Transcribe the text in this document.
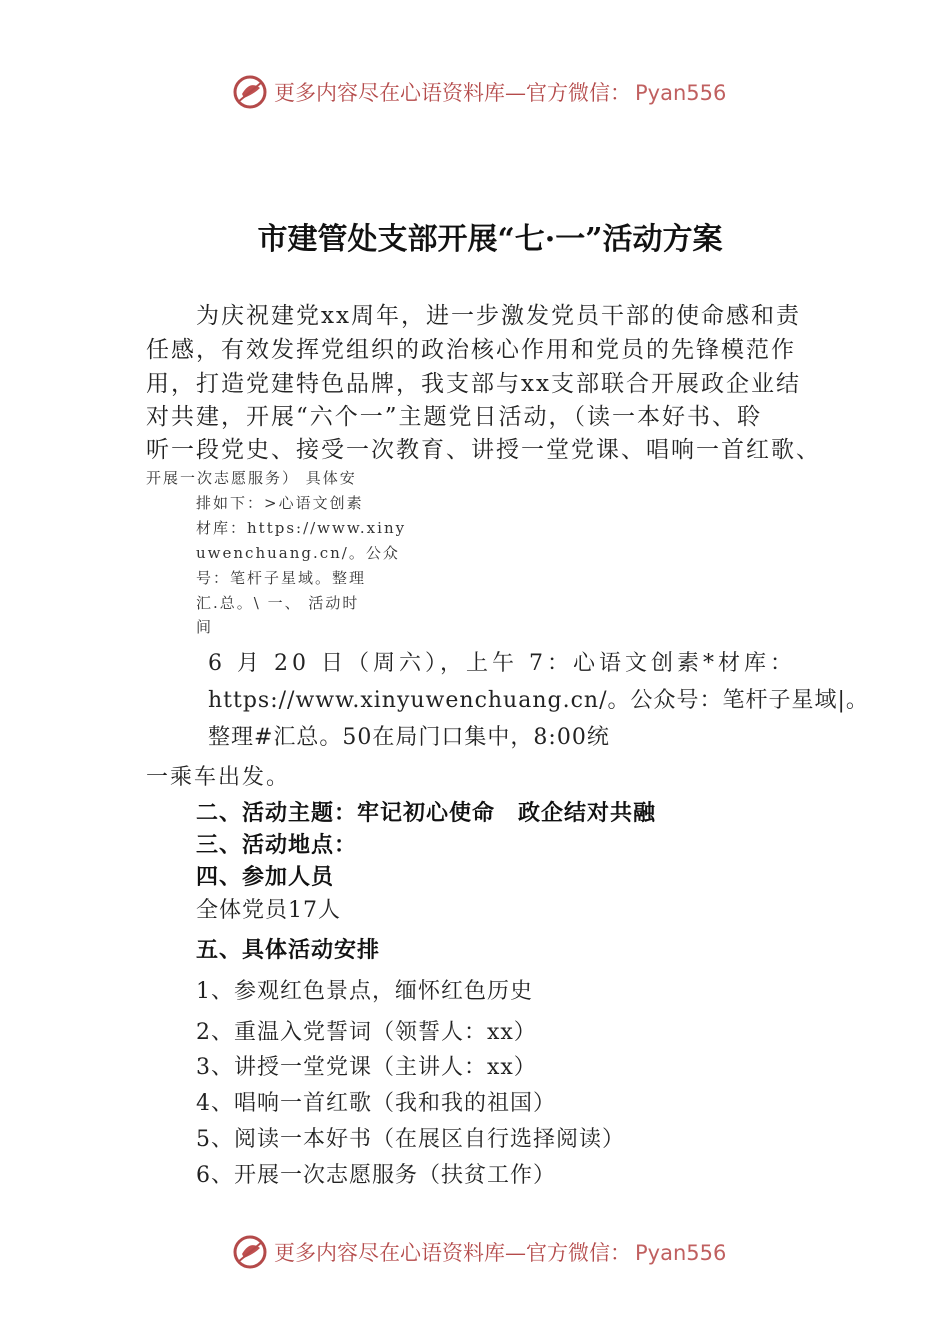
更多内容尽在心语资料库—官方微信： Pyan556
市建管处支部开展“七·一”活动方案

为庆祝建党xx周年，进一步激发党员干部的使命感和责

任感，有效发挥党组织的政治核心作用和党员的先锋模范作

用，打造党建特色品牌，我支部与xx支部联合开展政企业结

对共建，开展“六个一”主题党日活动，（读一本好书、聆

听一段党史、接受一次教育、讲授一堂党课、唱响一首红歌、

开展一次志愿服务） 具体安

排如下：>心语文创素

材库：https://www.xiny

uwenchuang.cn/。公众

号：笔杆子星域。整理

汇.总。\ 一、 活动时

间

6 月 20 日（周六），上午 7：心语文创素*材库：

https://www.xinyuwenchuang.cn/。公众号：笔杆子星域|。

整理#汇总。50在局门口集中，8:00统

一乘车出发。

二、活动主题：牢记初心使命　政企结对共融

三、活动地点：

四、参加人员

全体党员17人

五、具体活动安排

1、参观红色景点，缅怀红色历史

2、重温入党誓词（领誓人：xx）

3、讲授一堂党课（主讲人：xx）

4、唱响一首红歌（我和我的祖国）

5、阅读一本好书（在展区自行选择阅读）

6、开展一次志愿服务（扶贫工作）

更多内容尽在心语资料库—官方微信： Pyan556
